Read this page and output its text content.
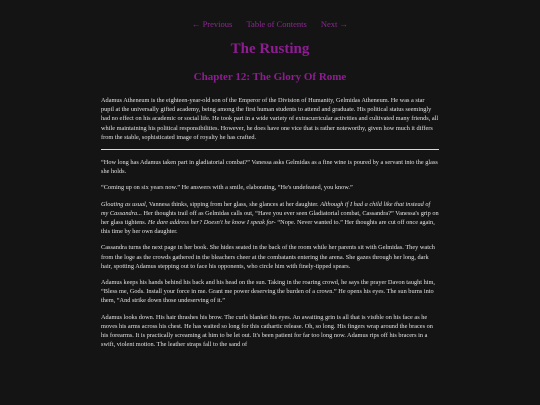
← Previous Table of Contents Next →
The Rusting
Chapter 12: The Glory Of Rome

Adamus Atheneum is the eighteen-year-old son of the Emperor of the Division of Humanity, Gelmidas Atheneum. He was a star pupil at the universally gifted academy, being among the first human students to attend and graduate. His political status seemingly had no effect on his academic or social life. He took part in a wide variety of extracurricular activities and cultivated many friends, all while maintaining his political responsibilities. However, he does have one vice that is rather noteworthy, given how much it differs from the stable, sophisticated image of royalty he has crafted.

“How long has Adamus taken part in gladiatorial combat?” Vanessa asks Gelmidas as a fine wine is poured by a servant into the glass she holds.

“Coming up on six years now.” He answers with a smile, elaborating, “He's undefeated, you know.”

Gloating as usual, Vannesa thinks, sipping from her glass, she glances at her daughter. Although if I had a child like that instead of my Cassandra... Her thoughts trail off as Gelmidas calls out, “Have you ever seen Gladiatorial combat, Cassandra?” Vanessa's grip on her glass tightens. He dare address her? Doesn't he know I speak for- “Nope. Never wanted to.” Her thoughts are cut off once again, this time by her own daughter.

Cassandra turns the next page in her book. She hides seated in the back of the room while her parents sit with Gelmidas. They watch from the loge as the crowds gathered in the bleachers cheer at the combatants entering the arena. She gazes through her long, dark hair, spotting Adamus stepping out to face his opponents, who circle him with finely-tipped spears.

Adamus keeps his hands behind his back and his head on the sun. Taking in the roaring crowd, he says the prayer Davon taught him, “Bless me, Gods. Install your force in me. Grant me power deserving the burden of a crown.” He opens his eyes. The sun burns into them, “And strike down those undeserving of it.”

Adamus looks down. His hair thrashes his brow. The curls blanket his eyes. An awaiting grin is all that is visible on his face as he moves his arms across his chest. He has waited so long for this cathartic release. Oh, so long. His fingers wrap around the braces on his forearms. It is practically screaming at him to be let out. It's been patient for far too long now. Adamus rips off his bracers in a swift, violent motion. The leather straps fall to the sand of
